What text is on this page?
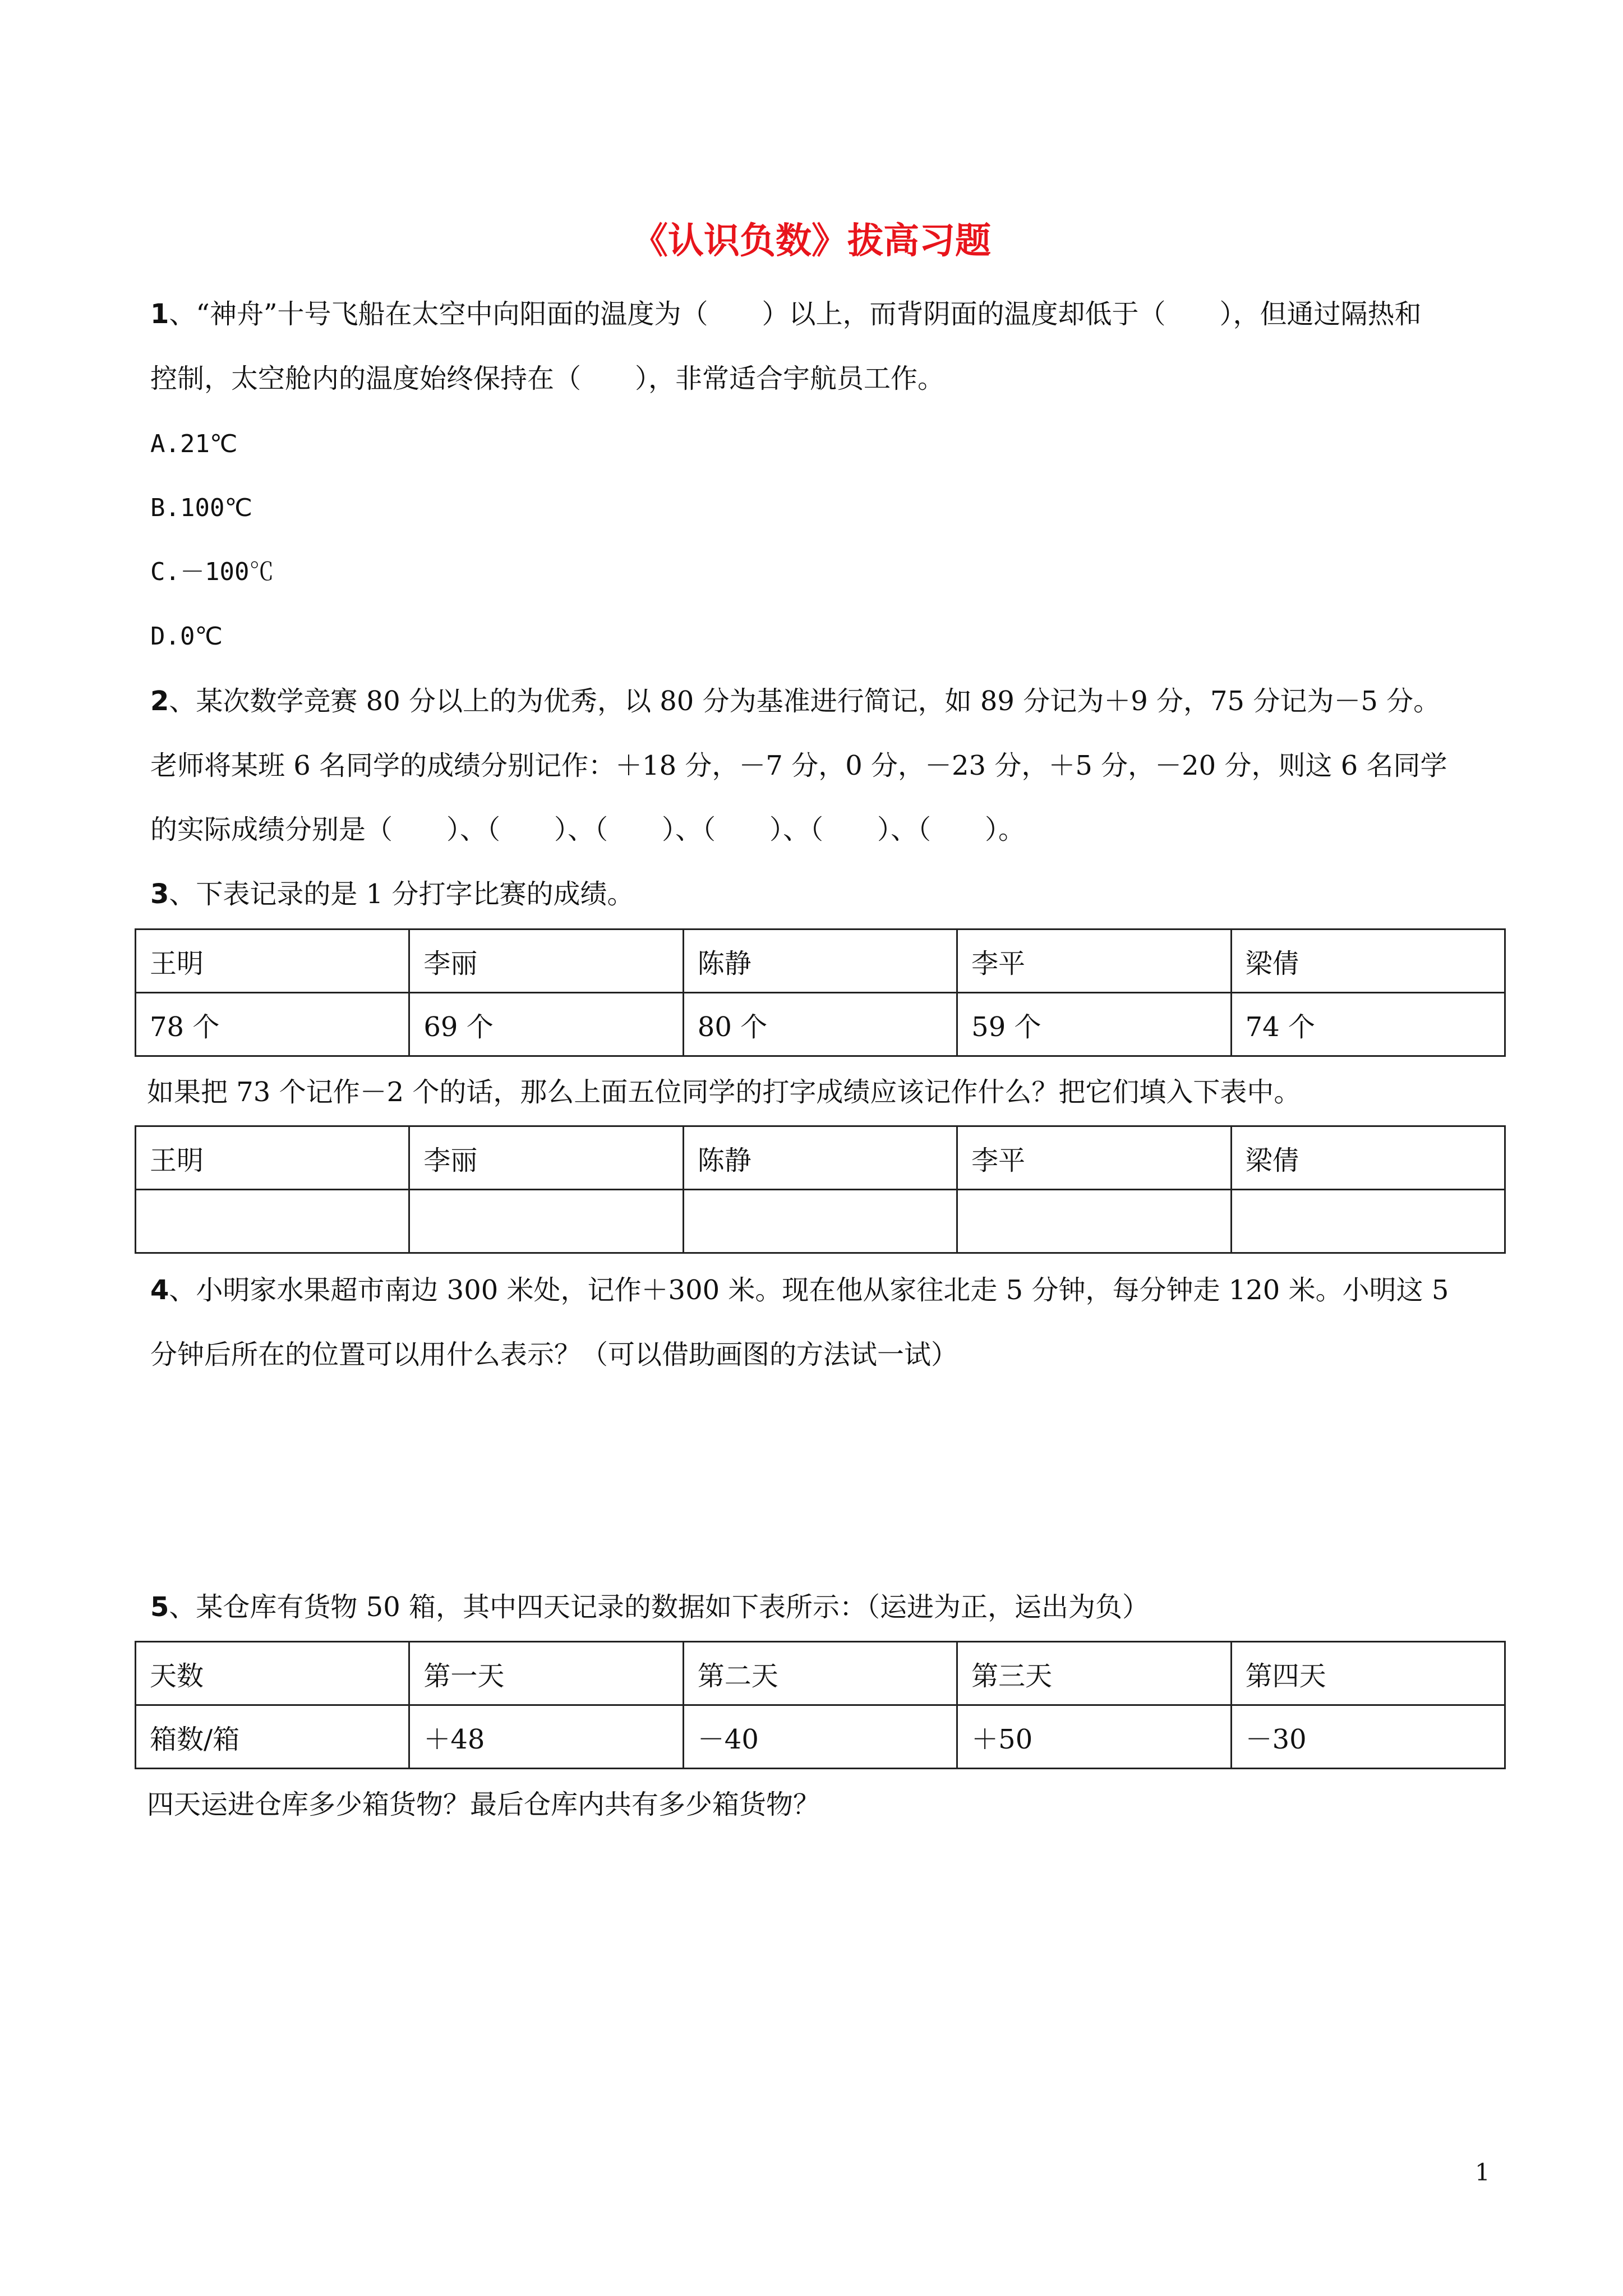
《认识负数》拔高习题
1、“神舟”十号飞船在太空中向阳面的温度为（　　）以上，而背阴面的温度却低于（　　），但通过隔热和
控制，太空舱内的温度始终保持在（　　），非常适合宇航员工作。
A.21℃
B.100℃
C.－100℃
D.0℃
2、某次数学竞赛 80 分以上的为优秀，以 80 分为基准进行简记，如 89 分记为＋9 分，75 分记为－5 分。
老师将某班 6 名同学的成绩分别记作：＋18 分，－7 分，0 分，－23 分，＋5 分，－20 分，则这 6 名同学
的实际成绩分别是（　　）、（　　）、（　　）、（　　）、（　　）、（　　）。
3、下表记录的是 1 分打字比赛的成绩。
王明	李丽	陈静	李平	梁倩
78 个	69 个	80 个	59 个	74 个
如果把 73 个记作－2 个的话，那么上面五位同学的打字成绩应该记作什么？把它们填入下表中。
王明	李丽	陈静	李平	梁倩

4、小明家水果超市南边 300 米处，记作＋300 米。现在他从家往北走 5 分钟，每分钟走 120 米。小明这 5
分钟后所在的位置可以用什么表示？（可以借助画图的方法试一试）
5、某仓库有货物 50 箱，其中四天记录的数据如下表所示：（运进为正，运出为负）
天数	第一天	第二天	第三天	第四天
箱数/箱	＋48	－40	＋50	－30
四天运进仓库多少箱货物？最后仓库内共有多少箱货物？
1
